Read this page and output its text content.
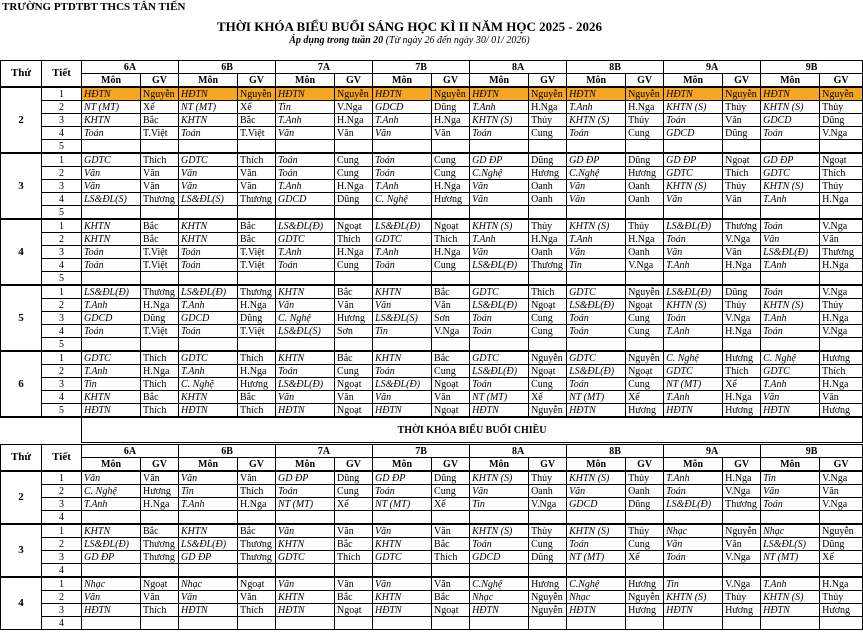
TRƯỜNG PTDTBT THCS TÂN TIẾN
THỜI KHÓA BIỂU BUỔI SÁNG HỌC KÌ II NĂM HỌC 2025 - 2026
Áp dụng trong tuần 20 (Từ ngày 26 đến ngày 30/ 01/ 2026)
Thứ	Tiết	6A		6B		7A		7B		8A		8B		9A		9B	
		Môn	GV	Môn	GV	Môn	GV	Môn	GV	Môn	GV	Môn	GV	Môn	GV	Môn	GV
2	1	HĐTN	Nguyễn	HĐTN	Nguyễn	HĐTN	Nguyễn	HĐTN	Nguyễn	HĐTN	Nguyễn	HĐTN	Nguyễn	HĐTN	Nguyễn	HĐTN	Nguyễn
	2	NT (MT)	Xể	NT (MT)	Xể	Tin	V.Nga	GDCD	Dũng	T.Anh	H.Nga	T.Anh	H.Nga	KHTN (S)	Thủy	KHTN (S)	Thủy
	3	KHTN	Bắc	KHTN	Bắc	T.Anh	H.Nga	T.Anh	H.Nga	KHTN (S)	Thủy	KHTN (S)	Thủy	Toán	Văn	GDCD	Dũng
	4	Toán	T.Việt	Toán	T.Việt	Văn	Văn	Văn	Văn	Toán	Cung	Toán	Cung	GDCD	Dũng	Toán	V.Nga
	5																
3	1	GDTC	Thích	GDTC	Thích	Toán	Cung	Toán	Cung	GD ĐP	Dũng	GD ĐP	Dũng	GD ĐP	Ngoạt	GD ĐP	Ngoạt
	2	Văn	Văn	Văn	Văn	Toán	Cung	Toán	Cung	C.Nghệ	Hương	C.Nghệ	Hương	GDTC	Thích	GDTC	Thích
	3	Văn	Văn	Văn	Văn	T.Anh	H.Nga	T.Anh	H.Nga	Văn	Oanh	Văn	Oanh	KHTN (S)	Thủy	KHTN (S)	Thủy
	4	LS&ĐL(S)	Thương	LS&ĐL(S)	Thương	GDCD	Dũng	C. Nghệ	Hương	Văn	Oanh	Văn	Oanh	Văn	Văn	T.Anh	H.Nga
	5																
4	1	KHTN	Bắc	KHTN	Bắc	LS&ĐL(Đ)	Ngoạt	LS&ĐL(Đ)	Ngoạt	KHTN (S)	Thủy	KHTN (S)	Thủy	LS&ĐL(Đ)	Thương	Toán	V.Nga
	2	KHTN	Bắc	KHTN	Bắc	GDTC	Thích	GDTC	Thích	T.Anh	H.Nga	T.Anh	H.Nga	Toán	V.Nga	Văn	Văn
	3	Toán	T.Việt	Toán	T.Việt	T.Anh	H.Nga	T.Anh	H.Nga	Văn	Oanh	Văn	Oanh	Văn	Văn	LS&ĐL(Đ)	Thương
	4	Toán	T.Việt	Toán	T.Việt	Toán	Cung	Toán	Cung	LS&ĐL(Đ)	Thương	Tin	V.Nga	T.Anh	H.Nga	T.Anh	H.Nga
	5																
5	1	LS&ĐL(Đ)	Thương	LS&ĐL(Đ)	Thương	KHTN	Bắc	KHTN	Bắc	GDTC	Thích	GDTC	Nguyễn	LS&ĐL(Đ)	Dũng	Toán	V.Nga
	2	T.Anh	H.Nga	T.Anh	H.Nga	Văn	Văn	Văn	Văn	LS&ĐL(Đ)	Ngoạt	LS&ĐL(Đ)	Ngoạt	KHTN (S)	Thủy	KHTN (S)	Thủy
	3	GDCD	Dũng	GDCD	Dũng	C. Nghệ	Hương	LS&ĐL(S)	Sơn	Toán	Cung	Toán	Cung	Toán	V.Nga	T.Anh	H.Nga
	4	Toán	T.Việt	Toán	T.Việt	LS&ĐL(S)	Sơn	Tin	V.Nga	Toán	Cung	Toán	Cung	T.Anh	H.Nga	Toán	V.Nga
	5																
6	1	GDTC	Thích	GDTC	Thích	KHTN	Bắc	KHTN	Bắc	GDTC	Nguyễn	GDTC	Nguyễn	C. Nghệ	Hương	C. Nghệ	Hương
	2	T.Anh	H.Nga	T.Anh	H.Nga	Toán	Cung	Toán	Cung	LS&ĐL(Đ)	Ngoạt	LS&ĐL(Đ)	Ngoạt	GDTC	Thích	GDTC	Thích
	3	Tin	Thích	C. Nghệ	Hương	LS&ĐL(Đ)	Ngoạt	LS&ĐL(Đ)	Ngoạt	Toán	Cung	Toán	Cung	NT (MT)	Xể	T.Anh	H.Nga
	4	KHTN	Bắc	KHTN	Bắc	Văn	Văn	Văn	Văn	NT (MT)	Xể	NT (MT)	Xể	T.Anh	H.Nga	Văn	Văn
	5	HĐTN	Thích	HĐTN	Thích	HĐTN	Ngoạt	HĐTN	Ngoạt	HĐTN	Nguyễn	HĐTN	Hương	HĐTN	Hương	HĐTN	Hương
		THỜI KHÓA BIỂU BUỔI CHIỀU															
Thứ	Tiết	6A		6B		7A		7B		8A		8B		9A		9B	
		Môn	GV	Môn	GV	Môn	GV	Môn	GV	Môn	GV	Môn	GV	Môn	GV	Môn	GV
2	1	Văn	Văn	Văn	Văn	GD ĐP	Dũng	GD ĐP	Dũng	KHTN (S)	Thủy	KHTN (S)	Thủy	T.Anh	H.Nga	Tin	V.Nga
	2	C. Nghệ	Hương	Tin	Thích	Toán	Cung	Toán	Cung	Văn	Oanh	Văn	Oanh	Toán	V.Nga	Văn	Văn
	3	T.Anh	H.Nga	T.Anh	H.Nga	NT (MT)	Xể	NT (MT)	Xể	Tin	V.Nga	GDCD	Dũng	LS&ĐL(Đ)	Thương	Toán	V.Nga
	4																
3	1	KHTN	Bắc	KHTN	Bắc	Văn	Văn	Văn	Văn	KHTN (S)	Thủy	KHTN (S)	Thủy	Nhạc	Nguyễn	Nhạc	Nguyễn
	2	LS&ĐL(Đ)	Thương	LS&ĐL(Đ)	Thương	KHTN	Bắc	KHTN	Bắc	Toán	Cung	Toán	Cung	Văn	Văn	LS&ĐL(S)	Dũng
	3	GD ĐP	Thương	GD ĐP	Thương	GDTC	Thích	GDTC	Thích	GDCD	Dũng	NT (MT)	Xể	Toán	V.Nga	NT (MT)	Xể
	4																
4	1	Nhạc	Ngoạt	Nhạc	Ngoạt	Văn	Văn	Văn	Văn	C.Nghệ	Hương	C.Nghệ	Hương	Tin	V.Nga	T.Anh	H.Nga
	2	Văn	Văn	Văn	Văn	KHTN	Bắc	KHTN	Bắc	Nhạc	Nguyễn	Nhạc	Nguyễn	KHTN (S)	Thủy	KHTN (S)	Thủy
	3	HĐTN	Thích	HĐTN	Thích	HĐTN	Ngoạt	HĐTN	Ngoạt	HĐTN	Nguyễn	HĐTN	Hương	HĐTN	Hương	HĐTN	Hương
	4																
